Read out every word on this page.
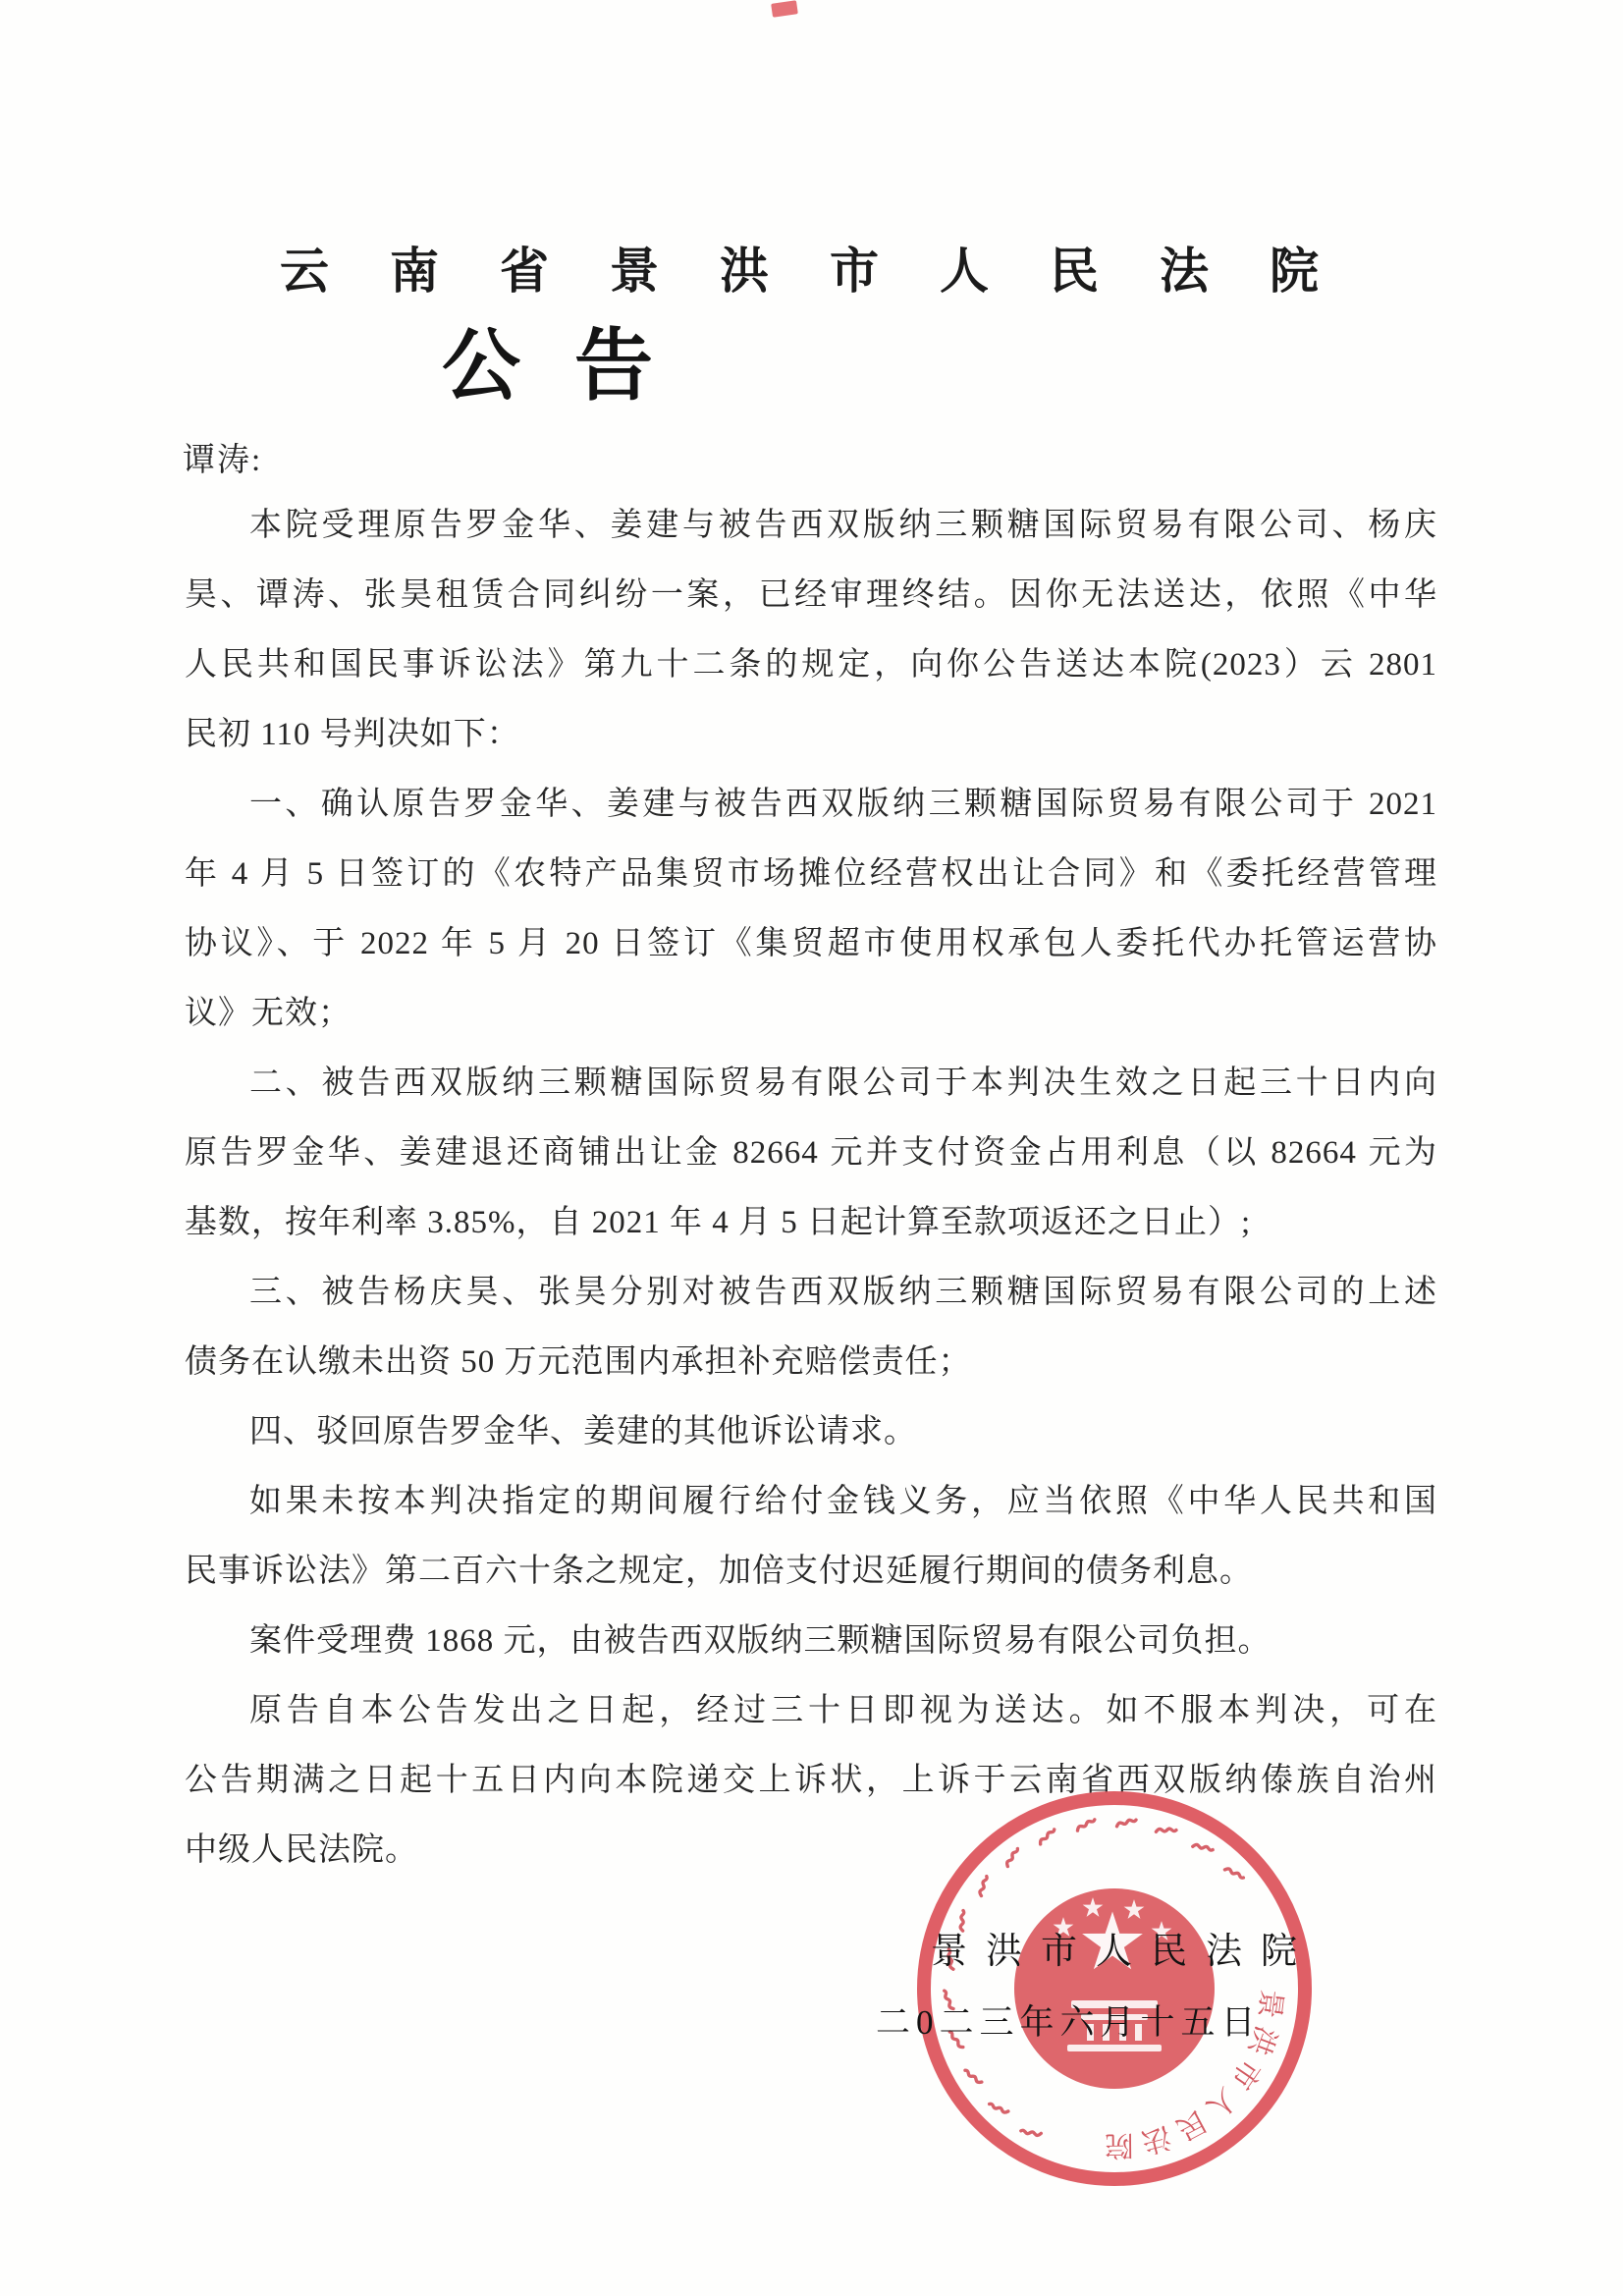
云南省景洪市人民法院
公告
谭涛:
本院受理原告罗金华、姜建与被告西双版纳三颗糖国际贸易有限公司、杨庆
昊、谭涛、张昊租赁合同纠纷一案，已经审理终结。因你无法送达，依照《中华
人民共和国民事诉讼法》第九十二条的规定，向你公告送达本院(2023）云 2801
民初 110 号判决如下：
一、确认原告罗金华、姜建与被告西双版纳三颗糖国际贸易有限公司于 2021
年 4 月 5 日签订的《农特产品集贸市场摊位经营权出让合同》和《委托经营管理
协议》、于 2022 年 5 月 20 日签订《集贸超市使用权承包人委托代办托管运营协
议》无效；
二、被告西双版纳三颗糖国际贸易有限公司于本判决生效之日起三十日内向
原告罗金华、姜建退还商铺出让金 82664 元并支付资金占用利息（以 82664 元为
基数，按年利率 3.85%，自 2021 年 4 月 5 日起计算至款项返还之日止）;
三、被告杨庆昊、张昊分别对被告西双版纳三颗糖国际贸易有限公司的上述
债务在认缴未出资 50 万元范围内承担补充赔偿责任；
四、驳回原告罗金华、姜建的其他诉讼请求。
如果未按本判决指定的期间履行给付金钱义务，应当依照《中华人民共和国
民事诉讼法》第二百六十条之规定，加倍支付迟延履行期间的债务利息。
案件受理费 1868 元，由被告西双版纳三颗糖国际贸易有限公司负担。
原告自本公告发出之日起，经过三十日即视为送达。如不服本判决，可在
公告期满之日起十五日内向本院递交上诉状，上诉于云南省西双版纳傣族自治州
中级人民法院。
景洪市人民法院
景洪市人民法院
二0二三年六月十五日
